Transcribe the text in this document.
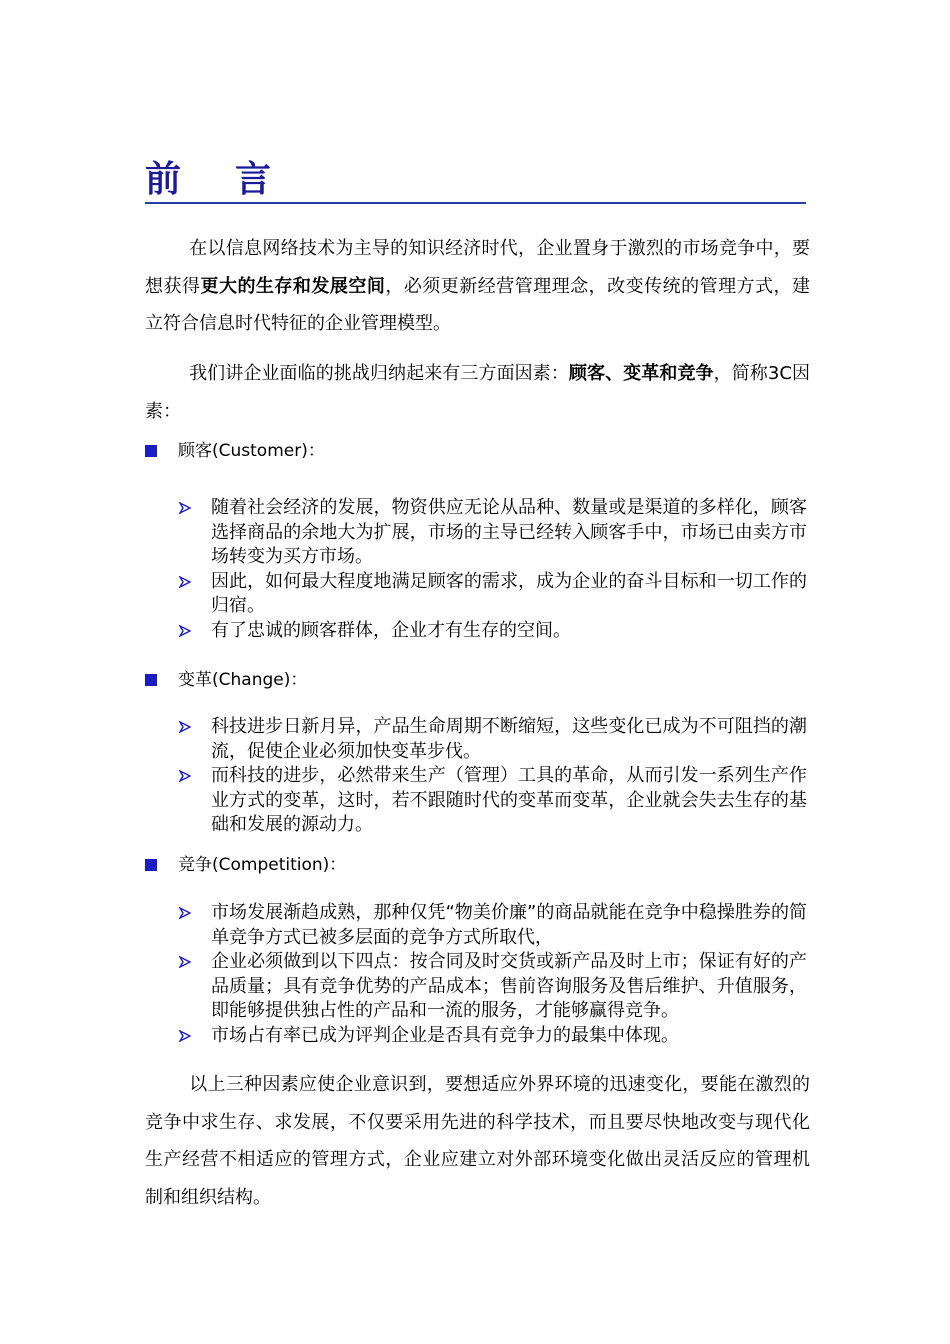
前言
在以信息网络技术为主导的知识经济时代，企业置身于激烈的市场竞争中，要想获得更大的生存和发展空间，必须更新经营管理理念，改变传统的管理方式，建立符合信息时代特征的企业管理模型。
我们讲企业面临的挑战归纳起来有三方面因素：顾客、变革和竞争，简称3C因素：
顾客(Customer)：
随着社会经济的发展，物资供应无论从品种、数量或是渠道的多样化，顾客选择商品的余地大为扩展，市场的主导已经转入顾客手中，市场已由卖方市场转变为买方市场。
因此，如何最大程度地满足顾客的需求，成为企业的奋斗目标和一切工作的归宿。
有了忠诚的顾客群体，企业才有生存的空间。
变革(Change)：
科技进步日新月异，产品生命周期不断缩短，这些变化已成为不可阻挡的潮流，促使企业必须加快变革步伐。
而科技的进步，必然带来生产（管理）工具的革命，从而引发一系列生产作业方式的变革，这时，若不跟随时代的变革而变革，企业就会失去生存的基础和发展的源动力。
竞争(Competition)：
市场发展渐趋成熟，那种仅凭“物美价廉”的商品就能在竞争中稳操胜券的简单竞争方式已被多层面的竞争方式所取代，
企业必须做到以下四点：按合同及时交货或新产品及时上市；保证有好的产品质量；具有竞争优势的产品成本；售前咨询服务及售后维护、升值服务，即能够提供独占性的产品和一流的服务，才能够赢得竞争。
市场占有率已成为评判企业是否具有竞争力的最集中体现。
以上三种因素应使企业意识到，要想适应外界环境的迅速变化，要能在激烈的竞争中求生存、求发展，不仅要采用先进的科学技术，而且要尽快地改变与现代化生产经营不相适应的管理方式，企业应建立对外部环境变化做出灵活反应的管理机制和组织结构。
